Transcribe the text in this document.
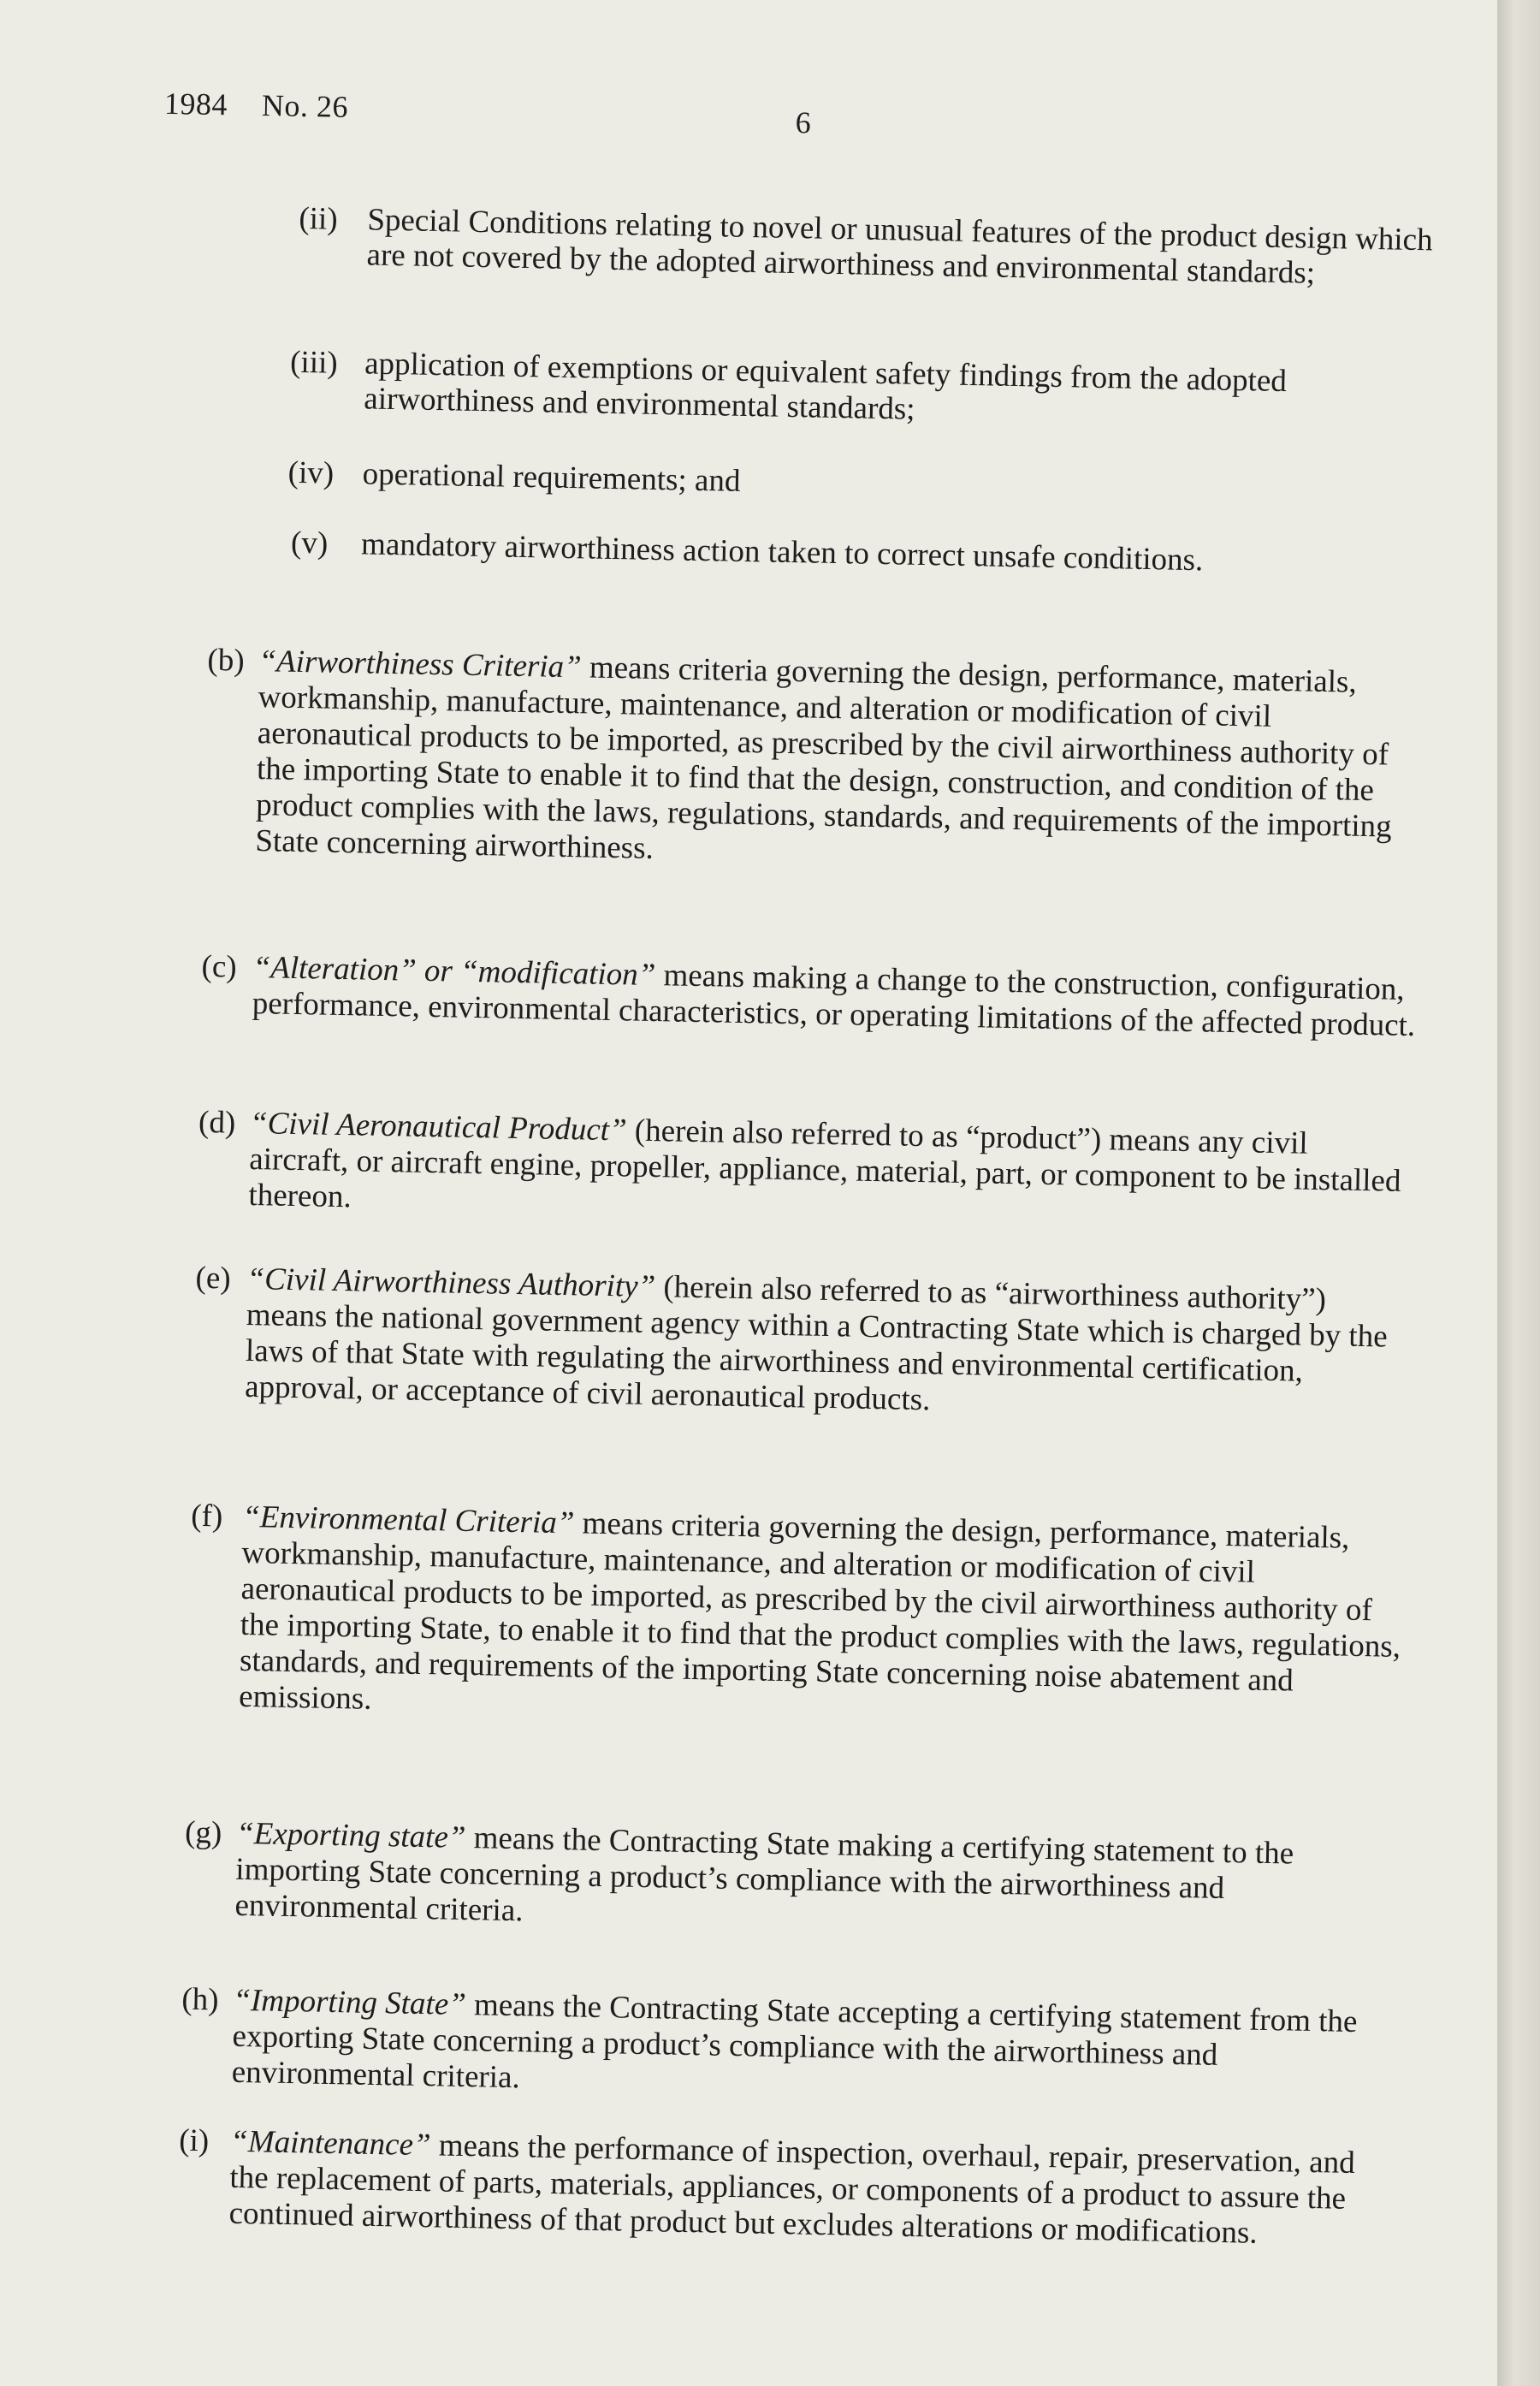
1984 No. 26	6
(ii) Special Conditions relating to novel or unusual features of the product design which are not covered by the adopted airworthiness and environmental standards;
(iii) application of exemptions or equivalent safety findings from the adopted airworthiness and environmental standards;
(iv) operational requirements; and
(v) mandatory airworthiness action taken to correct unsafe conditions.
(b) “Airworthiness Criteria” means criteria governing the design, performance, materials, workmanship, manufacture, maintenance, and alteration or modification of civil aeronautical products to be imported, as prescribed by the civil airworthiness authority of the importing State to enable it to find that the design, construction, and condition of the product complies with the laws, regulations, standards, and requirements of the importing State concerning airworthiness.
(c) “Alteration” or “modification” means making a change to the construction, configuration, performance, environmental characteristics, or operating limitations of the affected product.
(d) “Civil Aeronautical Product” (herein also referred to as “product”) means any civil aircraft, or aircraft engine, propeller, appliance, material, part, or component to be installed thereon.
(e) “Civil Airworthiness Authority” (herein also referred to as “airworthiness authority”) means the national government agency within a Contracting State which is charged by the laws of that State with regulating the airworthiness and environmental certification, approval, or acceptance of civil aeronautical products.
(f) “Environmental Criteria” means criteria governing the design, performance, materials, workmanship, manufacture, maintenance, and alteration or modification of civil aeronautical products to be imported, as prescribed by the civil airworthiness authority of the importing State, to enable it to find that the product complies with the laws, regulations, standards, and requirements of the importing State concerning noise abatement and emissions.
(g) “Exporting state” means the Contracting State making a certifying statement to the importing State concerning a product’s compliance with the airworthiness and environmental criteria.
(h) “Importing State” means the Contracting State accepting a certifying statement from the exporting State concerning a product’s compliance with the airworthiness and environmental criteria.
(i) “Maintenance” means the performance of inspection, overhaul, repair, preservation, and the replacement of parts, materials, appliances, or components of a product to assure the continued airworthiness of that product but excludes alterations or modifications.
